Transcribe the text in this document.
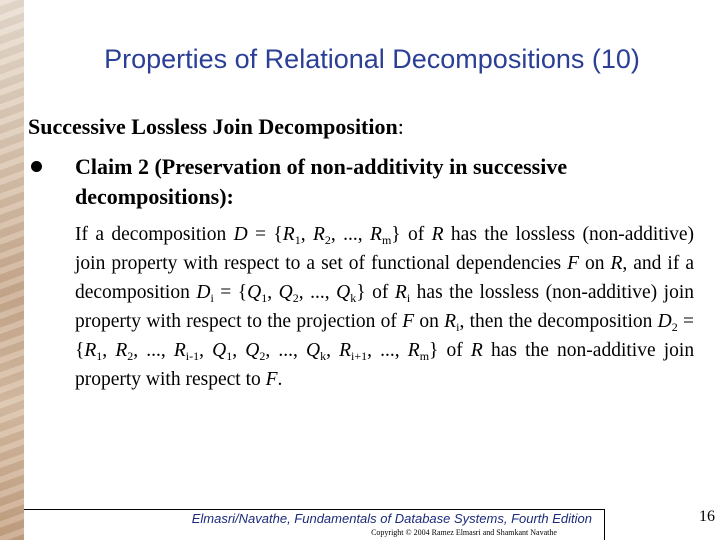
Properties of Relational Decompositions (10)
Successive Lossless Join Decomposition:
Claim 2 (Preservation of non-additivity in successive decompositions):
If a decomposition $D = \{R_1$, $R_2$, ..., $R_m$} of R has the lossless (non-additive) join property with respect to a set of functional dependencies F on R, and if a decomposition $D_i = \{Q_1$, $Q_2$, ..., $Q_k$} of $R_i$ has the lossless (non-additive) join property with respect to the projection of F on $R_i$, then the decomposition $D_2 = \{R_1$, $R_2$, ..., $R_{i-1}$, $Q_1$, $Q_2$, ..., $Q_k$, $R_{i+1}$, ..., $R_m$} of R has the non-additive join property with respect to F.
Elmasri/Navathe, Fundamentals of Database Systems, Fourth Edition
Copyright © 2004 Ramez Elmasri and Shamkant Navathe
16
